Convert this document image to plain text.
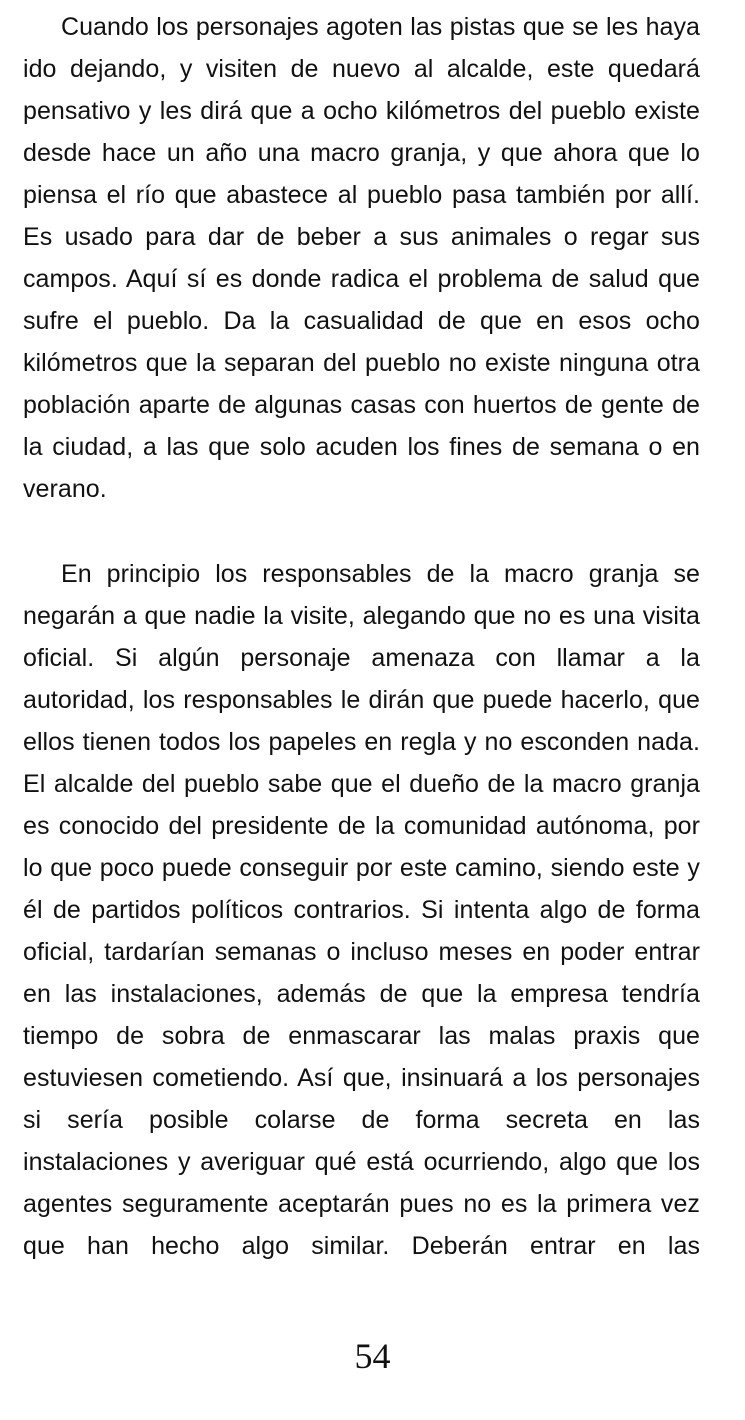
Cuando los personajes agoten las pistas que se les haya ido dejando, y visiten de nuevo al alcalde, este quedará pensativo y les dirá que a ocho kilómetros del pueblo existe desde hace un año una macro granja, y que ahora que lo piensa el río que abastece al pueblo pasa también por allí. Es usado para dar de beber a sus animales o regar sus campos. Aquí sí es donde radica el problema de salud que sufre el pueblo. Da la casualidad de que en esos ocho kilómetros que la separan del pueblo no existe ninguna otra población aparte de algunas casas con huertos de gente de la ciudad, a las que solo acuden los fines de semana o en verano.

En principio los responsables de la macro granja se negarán a que nadie la visite, alegando que no es una visita oficial. Si algún personaje amenaza con llamar a la autoridad, los responsables le dirán que puede hacerlo, que ellos tienen todos los papeles en regla y no esconden nada. El alcalde del pueblo sabe que el dueño de la macro granja es conocido del presidente de la comunidad autónoma, por lo que poco puede conseguir por este camino, siendo este y él de partidos políticos contrarios. Si intenta algo de forma oficial, tardarían semanas o incluso meses en poder entrar en las instalaciones, además de que la empresa tendría tiempo de sobra de enmascarar las malas praxis que estuviesen cometiendo. Así que, insinuará a los personajes si sería posible colarse de forma secreta en las instalaciones y averiguar qué está ocurriendo, algo que los agentes seguramente aceptarán pues no es la primera vez que han hecho algo similar. Deberán entrar en las

54
